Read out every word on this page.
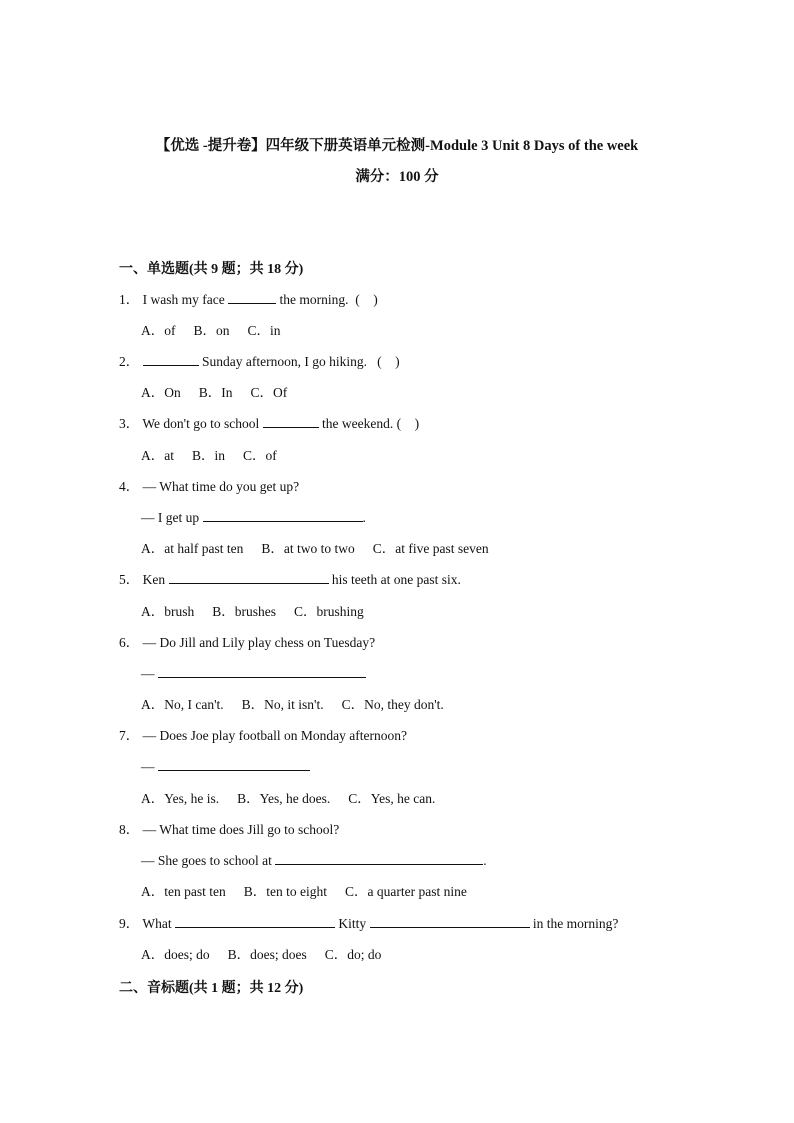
【优选 -提升卷】四年级下册英语单元检测-Module 3 Unit 8 Days of the week
满分：100 分
一、单选题(共 9 题；共 18 分)
1． I wash my face	the morning. (    )
A．of B．on C．in
2．	Sunday afternoon, I go hiking. (    )
A．On B．In C．Of
3． We don't go to school	the weekend. (    )
A．at B．in C．of
4． — What time do you get up?
— I get up	.
A．at half past ten B．at two to two C．at five past seven
5． Ken	his teeth at one past six.
A．brush B．brushes C．brushing
6． — Do Jill and Lily play chess on Tuesday?
—
A．No, I can't. B．No, it isn't. C．No, they don't.
7． — Does Joe play football on Monday afternoon?
—
A．Yes, he is. B．Yes, he does. C．Yes, he can.
8． — What time does Jill go to school?
— She goes to school at	.
A．ten past ten B．ten to eight C．a quarter past nine
9． What	Kitty	in the morning?
A．does; do B．does; does C．do; do
二、音标题(共 1 题；共 12 分)
